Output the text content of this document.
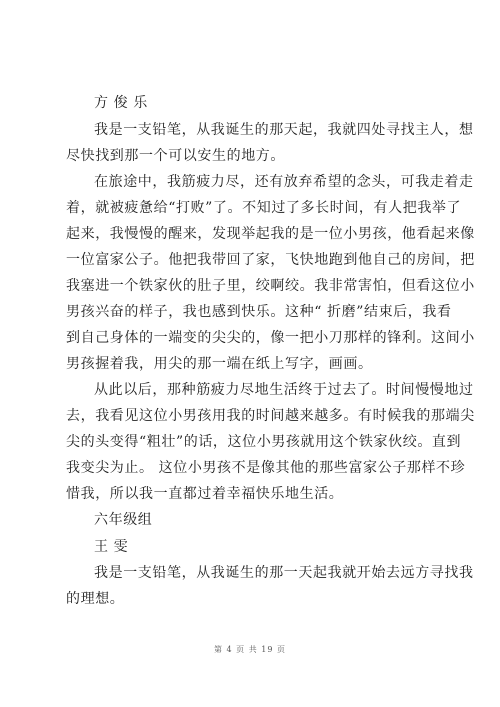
方 俊 乐
我是一支铅笔，从我诞生的那天起，我就四处寻找主人，想
尽快找到那一个可以安生的地方。
在旅途中，我筋疲力尽，还有放弃希望的念头，可我走着走
着，就被疲惫给“打败”了。不知过了多长时间，有人把我举了
起来，我慢慢的醒来，发现举起我的是一位小男孩，他看起来像
一位富家公子。他把我带回了家，飞快地跑到他自己的房间，把
我塞进一个铁家伙的肚子里，绞啊绞。我非常害怕，但看这位小
男孩兴奋的样子，我也感到快乐。这种“ 折磨”结束后，我看
到自己身体的一端变的尖尖的，像一把小刀那样的锋利。这间小
男孩握着我，用尖的那一端在纸上写字，画画。
从此以后，那种筋疲力尽地生活终于过去了。时间慢慢地过
去，我看见这位小男孩用我的时间越来越多。有时候我的那端尖
尖的头变得“粗壮”的话，这位小男孩就用这个铁家伙绞。直到
我变尖为止。 这位小男孩不是像其他的那些富家公子那样不珍
惜我，所以我一直都过着幸福快乐地生活。
六年级组
王 雯
我是一支铅笔，从我诞生的那一天起我就开始去远方寻找我
的理想。
第 4 页 共 19 页
